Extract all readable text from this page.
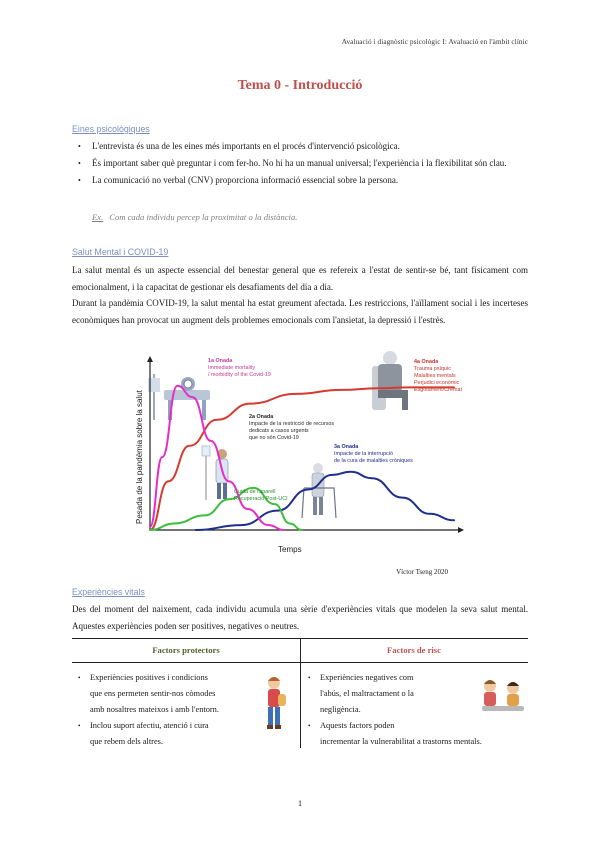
Avaluació i diagnòstic psicològic I: Avaluació en l'àmbit clínic
Tema 0 - Introducció
Eines psicològiques
• L'entrevista és una de les eines més importants en el procés d'intervenció psicològica.
• És important saber què preguntar i com fer-ho. No hi ha un manual universal; l'experiència i la flexibilitat són clau.
• La comunicació no verbal (CNV) proporciona informació essencial sobre la persona.
Ex. Com cada individu percep la proximitat o la distància.
Salut Mental i COVID-19
La salut mental és un aspecte essencial del benestar general que es refereix a l'estat de sentir-se bé, tant físicament com emocionalment, i la capacitat de gestionar els desafiaments del dia a dia.
Durant la pandèmia COVID-19, la salut mental ha estat greument afectada. Les restriccions, l'aïllament social i les incerteses econòmiques han provocat un augment dels problemes emocionals com l'ansietat, la depressió i l'estrès.
Pesada de la pandèmia sobre la salut
Temps
1a Onada
Immediate mortality
/ morbidity of the Covid-19
2a Onada
Impacte de la restricció de recursos
dedicats a casos urgents
que no són Covid-19
3a Onada
Impacte de la interrupció
de la cura de malalties cròniques
4a Onada
Trauma psíquic
Malalties mentals
Perjudici econòmic
Esgotament/Cremat
Cuida de l'aparell
Recuperació Post-UCI
Víctor Tseng 2020
Experiències vitals
Des del moment del naixement, cada individu acumula una sèrie d'experiències vitals que modelen la seva salut mental. Aquestes experiències poden ser positives, negatives o neutres.
Factors protectors	Factors de risc
• Experiències positives i condicions
que ens permeten sentir-nos còmodes
amb nosaltres mateixos i amb l'entorn.
• Inclou suport afectiu, atenció i cura
que rebem dels altres.
• Experiències negatives com
l'abús, el maltractament o la
negligència.
• Aquests factors poden
incrementar la vulnerabilitat a trastorns mentals.
1
